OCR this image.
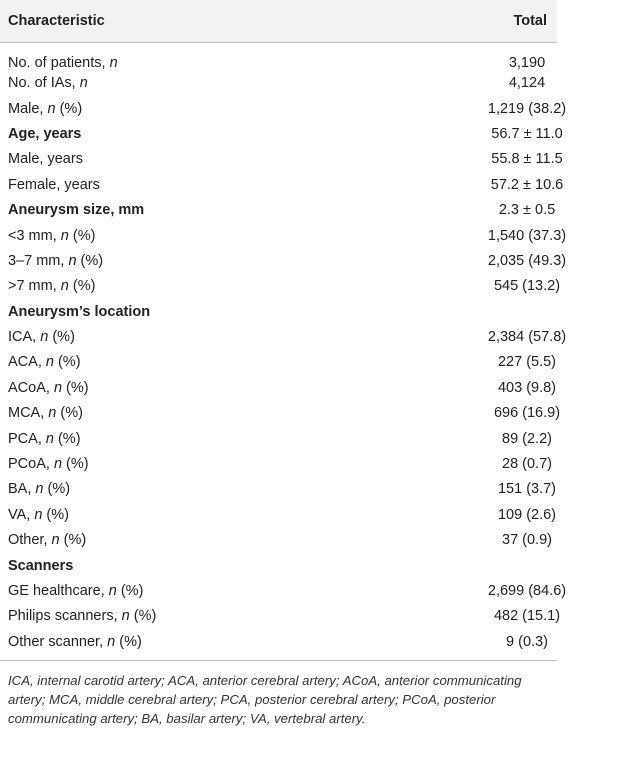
Characteristic	Total
No. of patients, n	3,190
No. of IAs, n	4,124
Male, n (%)	1,219 (38.2)
Age, years	56.7 ± 11.0
Male, years	55.8 ± 11.5
Female, years	57.2 ± 10.6
Aneurysm size, mm	2.3 ± 0.5
<3 mm, n (%)	1,540 (37.3)
3–7 mm, n (%)	2,035 (49.3)
>7 mm, n (%)	545 (13.2)
Aneurysm’s location	
ICA, n (%)	2,384 (57.8)
ACA, n (%)	227 (5.5)
ACoA, n (%)	403 (9.8)
MCA, n (%)	696 (16.9)
PCA, n (%)	89 (2.2)
PCoA, n (%)	28 (0.7)
BA, n (%)	151 (3.7)
VA, n (%)	109 (2.6)
Other, n (%)	37 (0.9)
Scanners	
GE healthcare, n (%)	2,699 (84.6)
Philips scanners, n (%)	482 (15.1)
Other scanner, n (%)	9 (0.3)
ICA, internal carotid artery; ACA, anterior cerebral artery; ACoA, anterior communicating artery; MCA, middle cerebral artery; PCA, posterior cerebral artery; PCoA, posterior communicating artery; BA, basilar artery; VA, vertebral artery.
